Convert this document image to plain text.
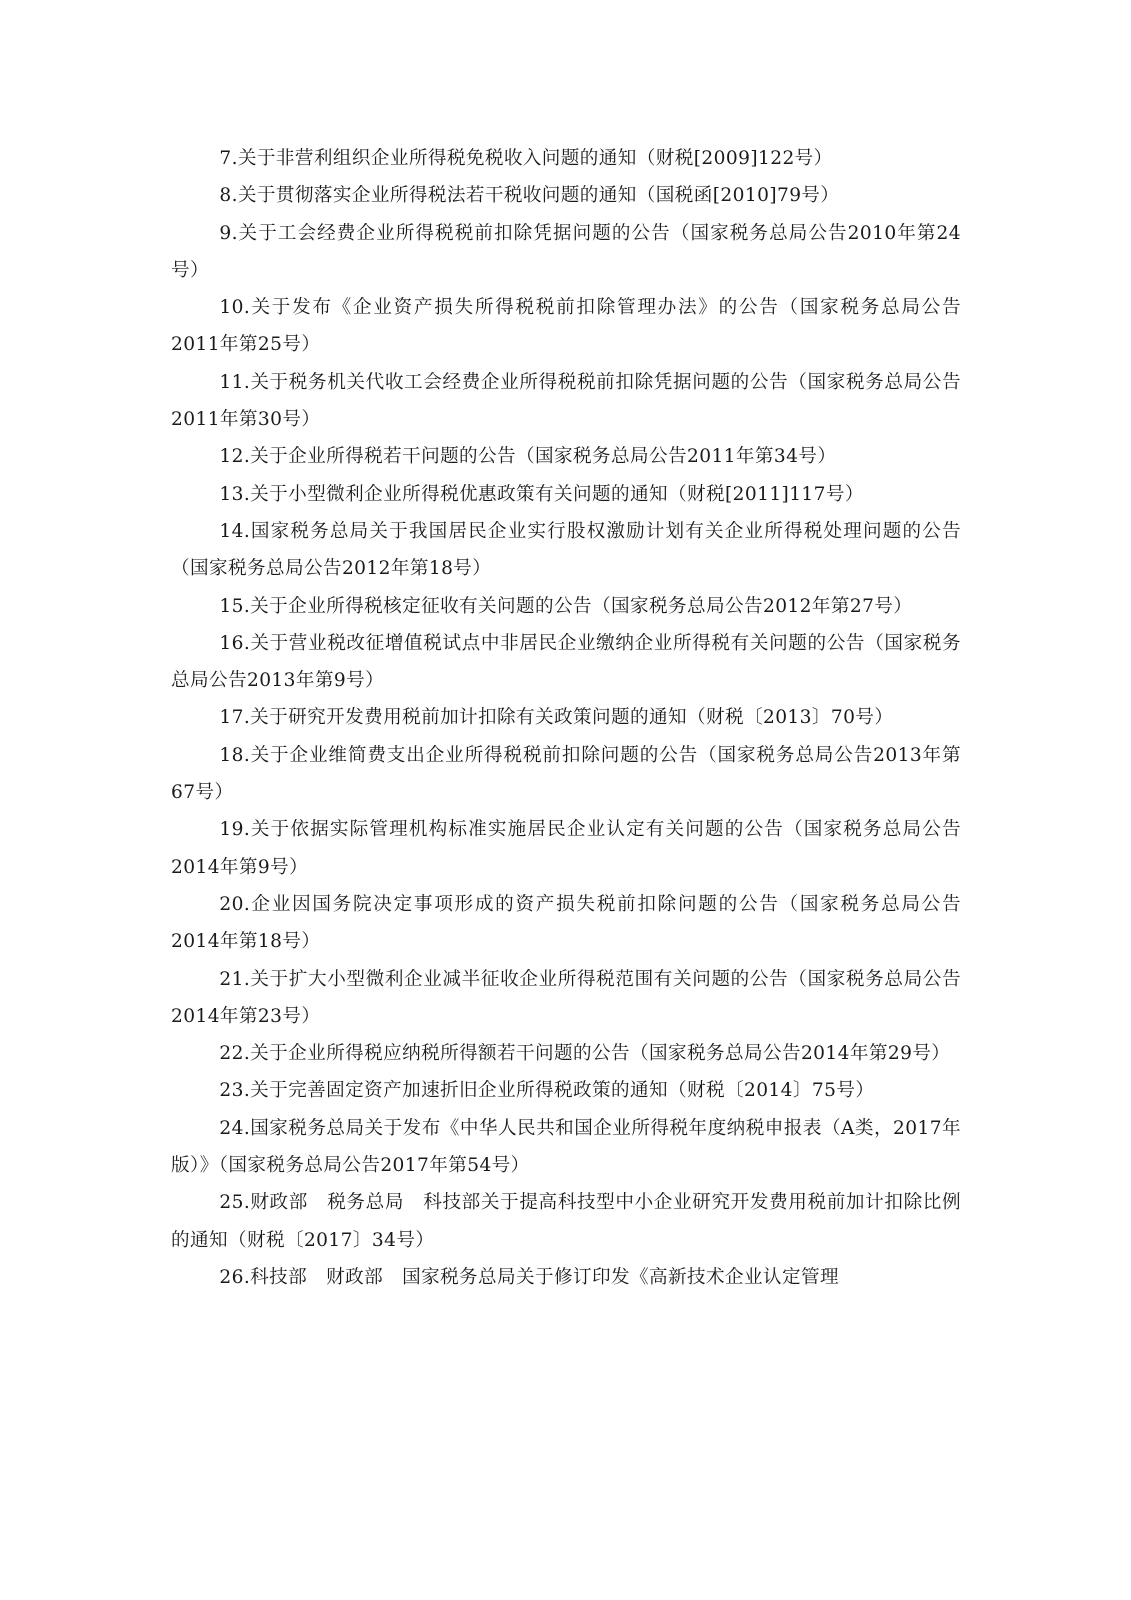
7.关于非营利组织企业所得税免税收入问题的通知（财税[2009]122号）

8.关于贯彻落实企业所得税法若干税收问题的通知（国税函[2010]79号）

9.关于工会经费企业所得税税前扣除凭据问题的公告（国家税务总局公告2010年第24号）

10.关于发布《企业资产损失所得税税前扣除管理办法》的公告（国家税务总局公告2011年第25号）

11.关于税务机关代收工会经费企业所得税税前扣除凭据问题的公告（国家税务总局公告2011年第30号）

12.关于企业所得税若干问题的公告（国家税务总局公告2011年第34号）

13.关于小型微利企业所得税优惠政策有关问题的通知（财税[2011]117号）

14.国家税务总局关于我国居民企业实行股权激励计划有关企业所得税处理问题的公告（国家税务总局公告2012年第18号）

15.关于企业所得税核定征收有关问题的公告（国家税务总局公告2012年第27号）

16.关于营业税改征增值税试点中非居民企业缴纳企业所得税有关问题的公告（国家税务总局公告2013年第9号）

17.关于研究开发费用税前加计扣除有关政策问题的通知（财税〔2013〕70号）

18.关于企业维简费支出企业所得税税前扣除问题的公告（国家税务总局公告2013年第67号）

19.关于依据实际管理机构标准实施居民企业认定有关问题的公告（国家税务总局公告2014年第9号）

20.企业因国务院决定事项形成的资产损失税前扣除问题的公告（国家税务总局公告2014年第18号）

21.关于扩大小型微利企业减半征收企业所得税范围有关问题的公告（国家税务总局公告2014年第23号）

22.关于企业所得税应纳税所得额若干问题的公告（国家税务总局公告2014年第29号）

23.关于完善固定资产加速折旧企业所得税政策的通知（财税〔2014〕75号）

24.国家税务总局关于发布《中华人民共和国企业所得税年度纳税申报表（A类，2017年版）》（国家税务总局公告2017年第54号）

25.财政部　税务总局　科技部关于提高科技型中小企业研究开发费用税前加计扣除比例的通知（财税〔2017〕34号）

26.科技部　财政部　国家税务总局关于修订印发《高新技术企业认定管理
